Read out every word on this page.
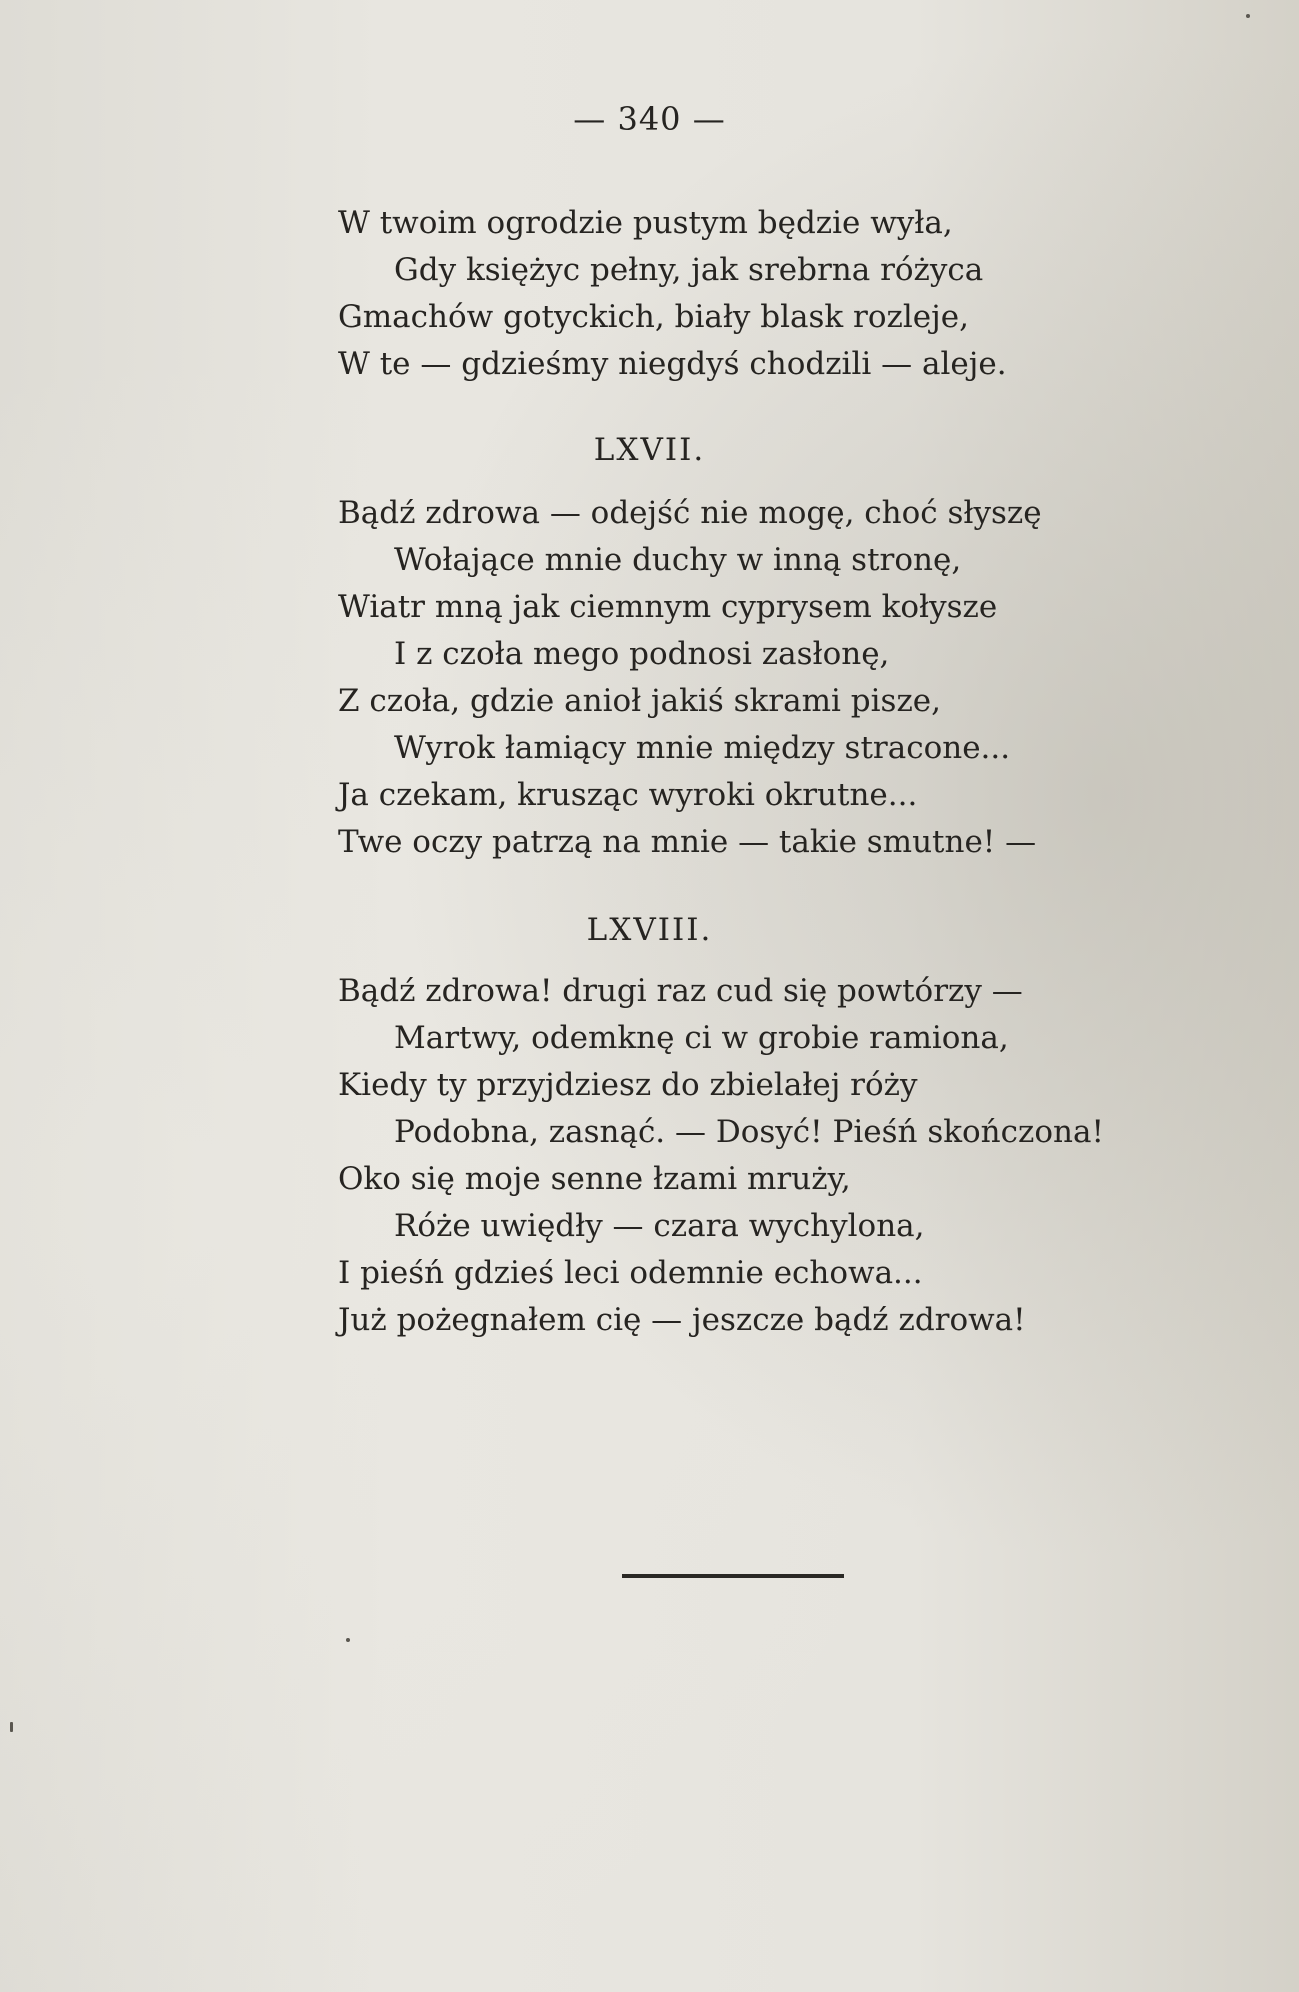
— 340 —
W twoim ogrodzie pustym będzie wyła,
Gdy księżyc pełny, jak srebrna różyca
Gmachów gotyckich, biały blask rozleje,
W te — gdzieśmy niegdyś chodzili — aleje.
LXVII.
Bądź zdrowa — odejść nie mogę, choć słyszę
Wołające mnie duchy w inną stronę,
Wiatr mną jak ciemnym cyprysem kołysze
I z czoła mego podnosi zasłonę,
Z czoła, gdzie anioł jakiś skrami pisze,
Wyrok łamiący mnie między stracone...
Ja czekam, krusząc wyroki okrutne...
Twe oczy patrzą na mnie — takie smutne! —
LXVIII.
Bądź zdrowa! drugi raz cud się powtórzy —
Martwy, odemknę ci w grobie ramiona,
Kiedy ty przyjdziesz do zbielałej róży
Podobna, zasnąć. — Dosyć! Pieśń skończona!
Oko się moje senne łzami mruży,
Róże uwiędły — czara wychylona,
I pieśń gdzieś leci odemnie echowa...
Już pożegnałem cię — jeszcze bądź zdrowa!
